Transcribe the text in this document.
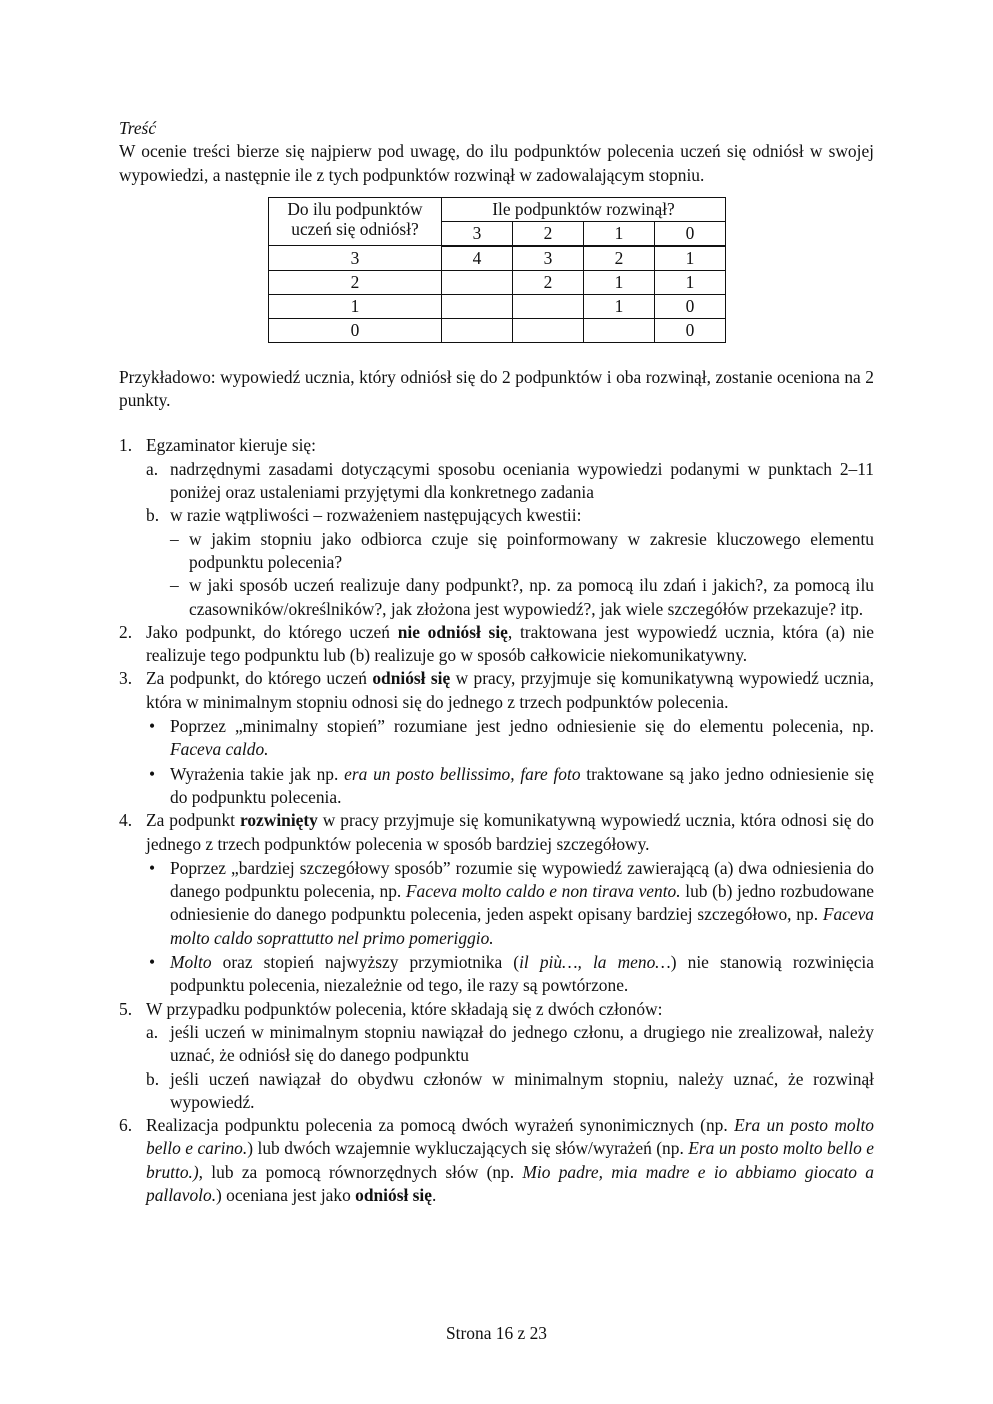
Treść

W ocenie treści bierze się najpierw pod uwagę, do ilu podpunktów polecenia uczeń się odniósł w swojej wypowiedzi, a następnie ile z tych podpunktów rozwinął w zadowalającym stopniu.

Do ilu podpunktów uczeń się odniósł?	Ile podpunktów rozwinął?			
	3	2	1	0
3	4	3	2	1
2		2	1	1
1			1	0
0				0

Przykładowo: wypowiedź ucznia, który odniósł się do 2 podpunktów i oba rozwinął, zostanie oceniona na 2 punkty.

1. Egzaminator kieruje się:
a. nadrzędnymi zasadami dotyczącymi sposobu oceniania wypowiedzi podanymi w punktach 2–11 poniżej oraz ustaleniami przyjętymi dla konkretnego zadania
b. w razie wątpliwości – rozważeniem następujących kwestii:
– w jakim stopniu jako odbiorca czuje się poinformowany w zakresie kluczowego elementu podpunktu polecenia?
– w jaki sposób uczeń realizuje dany podpunkt?, np. za pomocą ilu zdań i jakich?, za pomocą ilu czasowników/określników?, jak złożona jest wypowiedź?, jak wiele szczegółów przekazuje? itp.
2. Jako podpunkt, do którego uczeń nie odniósł się, traktowana jest wypowiedź ucznia, która (a) nie realizuje tego podpunktu lub (b) realizuje go w sposób całkowicie niekomunikatywny.
3. Za podpunkt, do którego uczeń odniósł się w pracy, przyjmuje się komunikatywną wypowiedź ucznia, która w minimalnym stopniu odnosi się do jednego z trzech podpunktów polecenia.
• Poprzez „minimalny stopień” rozumiane jest jedno odniesienie się do elementu polecenia, np. Faceva caldo.
• Wyrażenia takie jak np. era un posto bellissimo, fare foto traktowane są jako jedno odniesienie się do podpunktu polecenia.
4. Za podpunkt rozwinięty w pracy przyjmuje się komunikatywną wypowiedź ucznia, która odnosi się do jednego z trzech podpunktów polecenia w sposób bardziej szczegółowy.
• Poprzez „bardziej szczegółowy sposób” rozumie się wypowiedź zawierającą (a) dwa odniesienia do danego podpunktu polecenia, np. Faceva molto caldo e non tirava vento. lub (b) jedno rozbudowane odniesienie do danego podpunktu polecenia, jeden aspekt opisany bardziej szczegółowo, np. Faceva molto caldo soprattutto nel primo pomeriggio.
• Molto oraz stopień najwyższy przymiotnika (il più…, la meno…) nie stanowią rozwinięcia podpunktu polecenia, niezależnie od tego, ile razy są powtórzone.
5. W przypadku podpunktów polecenia, które składają się z dwóch członów:
a. jeśli uczeń w minimalnym stopniu nawiązał do jednego członu, a drugiego nie zrealizował, należy uznać, że odniósł się do danego podpunktu
b. jeśli uczeń nawiązał do obydwu członów w minimalnym stopniu, należy uznać, że rozwinął wypowiedź.
6. Realizacja podpunktu polecenia za pomocą dwóch wyrażeń synonimicznych (np. Era un posto molto bello e carino.) lub dwóch wzajemnie wykluczających się słów/wyrażeń (np. Era un posto molto bello e brutto.), lub za pomocą równorzędnych słów (np. Mio padre, mia madre e io abbiamo giocato a pallavolo.) oceniana jest jako odniósł się.
Strona 16 z 23
